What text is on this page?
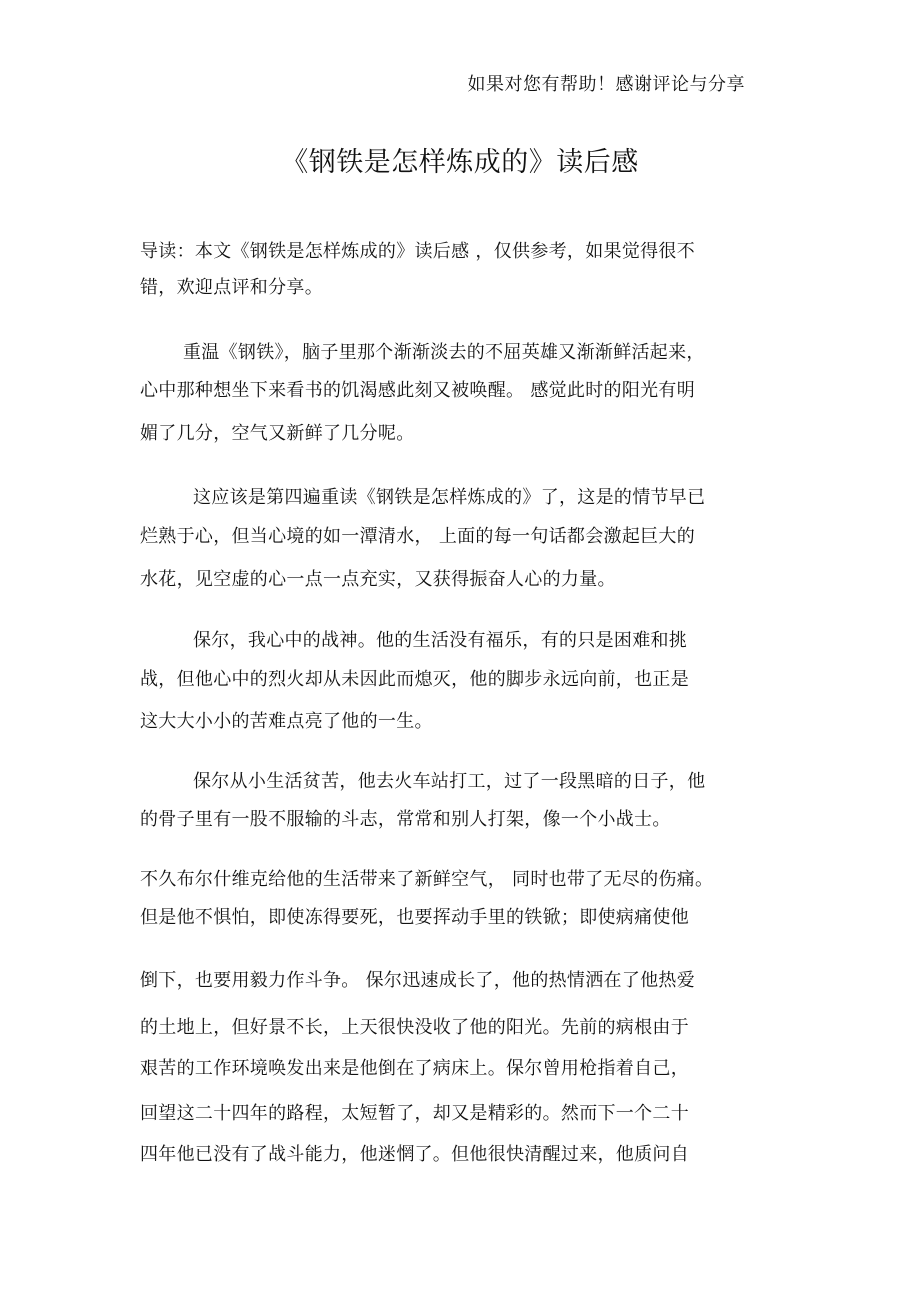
如果对您有帮助！感谢评论与分享
《钢铁是怎样炼成的》读后感
导读：本文《钢铁是怎样炼成的》读后感 ，仅供参考，如果觉得很不
错，欢迎点评和分享。
重温《钢铁》，脑子里那个渐渐淡去的不屈英雄又渐渐鲜活起来，
心中那种想坐下来看书的饥渴感此刻又被唤醒。 感觉此时的阳光有明
媚了几分，空气又新鲜了几分呢。
这应该是第四遍重读《钢铁是怎样炼成的》了，这是的情节早已
烂熟于心，但当心境的如一潭清水， 上面的每一句话都会激起巨大的
水花，见空虚的心一点一点充实，又获得振奋人心的力量。
保尔，我心中的战神。他的生活没有福乐，有的只是困难和挑
战，但他心中的烈火却从未因此而熄灭，他的脚步永远向前，也正是
这大大小小的苦难点亮了他的一生。
保尔从小生活贫苦，他去火车站打工，过了一段黑暗的日子，他
的骨子里有一股不服输的斗志，常常和别人打架，像一个小战士。
不久布尔什维克给他的生活带来了新鲜空气， 同时也带了无尽的伤痛。
但是他不惧怕，即使冻得要死，也要挥动手里的铁锨；即使病痛使他
倒下，也要用毅力作斗争。 保尔迅速成长了，他的热情洒在了他热爱
的土地上，但好景不长，上天很快没收了他的阳光。先前的病根由于
艰苦的工作环境唤发出来是他倒在了病床上。保尔曾用枪指着自己，
回望这二十四年的路程，太短暂了，却又是精彩的。然而下一个二十
四年他已没有了战斗能力，他迷惘了。但他很快清醒过来，他质问自
